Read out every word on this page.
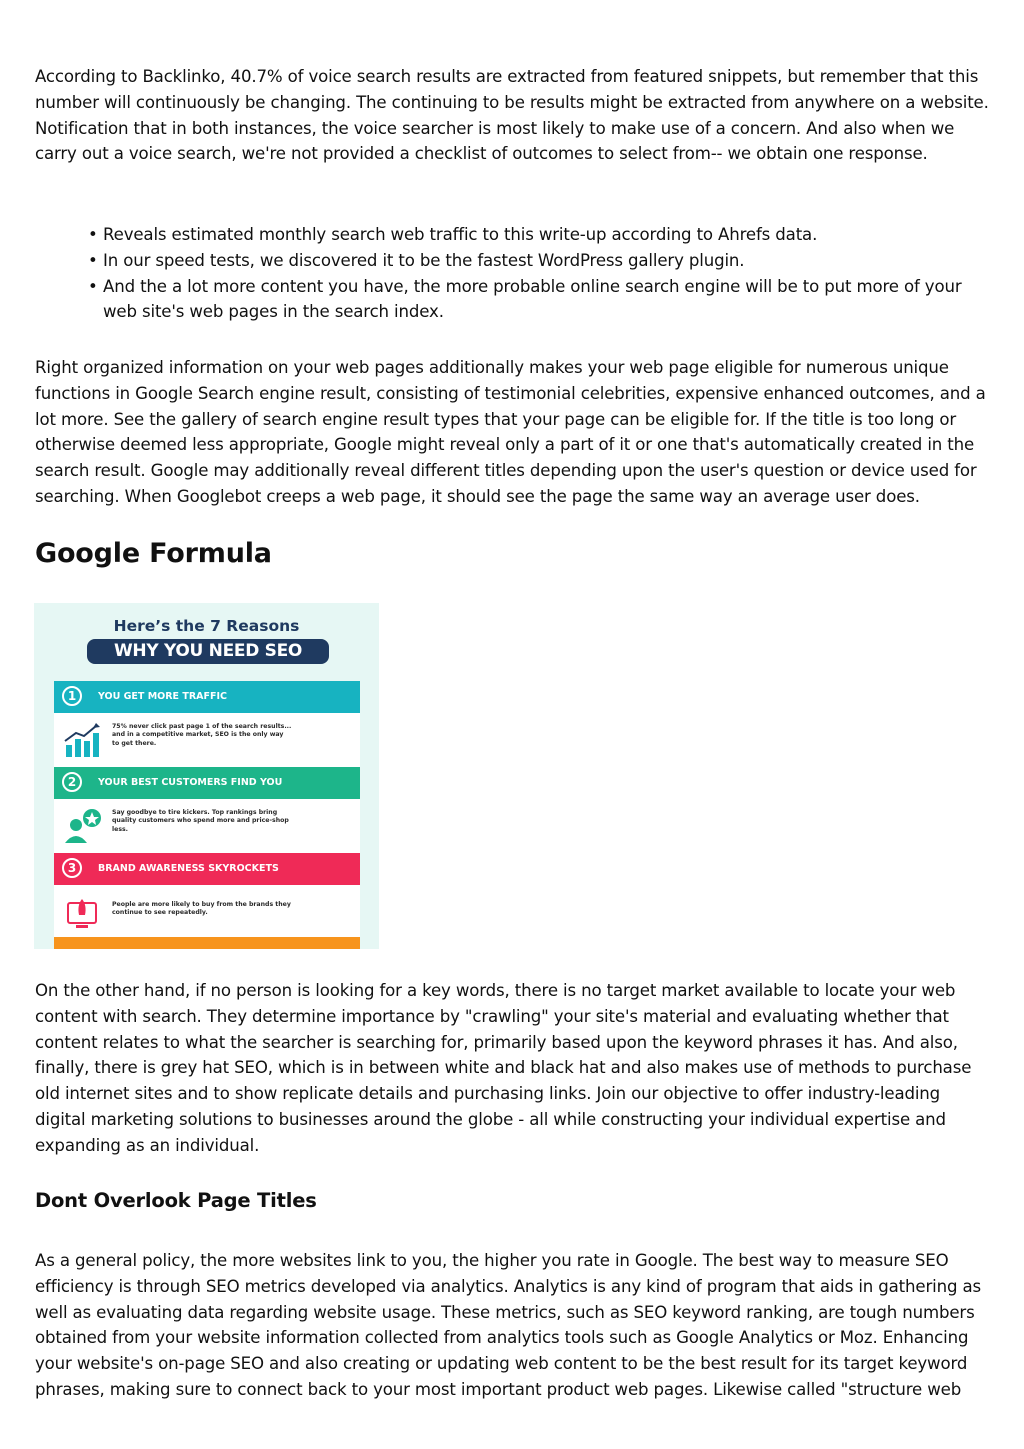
According to Backlinko, 40.7% of voice search results are extracted from featured snippets, but remember that this number will continuously be changing. The continuing to be results might be extracted from anywhere on a website. Notification that in both instances, the voice searcher is most likely to make use of a concern. And also when we carry out a voice search, we're not provided a checklist of outcomes to select from-- we obtain one response.

• Reveals estimated monthly search web traffic to this write-up according to Ahrefs data.
• In our speed tests, we discovered it to be the fastest WordPress gallery plugin.
• And the a lot more content you have, the more probable online search engine will be to put more of your web site's web pages in the search index.

Right organized information on your web pages additionally makes your web page eligible for numerous unique functions in Google Search engine result, consisting of testimonial celebrities, expensive enhanced outcomes, and a lot more. See the gallery of search engine result types that your page can be eligible for. If the title is too long or otherwise deemed less appropriate, Google might reveal only a part of it or one that's automatically created in the search result. Google may additionally reveal different titles depending upon the user's question or device used for searching. When Googlebot creeps a web page, it should see the page the same way an average user does.

Google Formula
Here’s the 7 Reasons
WHY YOU NEED SEO
1	YOU GET MORE TRAFFIC
75% never click past page 1 of the search results... and in a competitive market, SEO is the only way to get there.
2	YOUR BEST CUSTOMERS FIND YOU
Say goodbye to tire kickers. Top rankings bring quality customers who spend more and price-shop less.
3	BRAND AWARENESS SKYROCKETS
People are more likely to buy from the brands they continue to see repeatedly.

On the other hand, if no person is looking for a key words, there is no target market available to locate your web content with search. They determine importance by "crawling" your site's material and evaluating whether that content relates to what the searcher is searching for, primarily based upon the keyword phrases it has. And also, finally, there is grey hat SEO, which is in between white and black hat and also makes use of methods to purchase old internet sites and to show replicate details and purchasing links. Join our objective to offer industry-leading digital marketing solutions to businesses around the globe - all while constructing your individual expertise and expanding as an individual.

Dont Overlook Page Titles

As a general policy, the more websites link to you, the higher you rate in Google. The best way to measure SEO efficiency is through SEO metrics developed via analytics. Analytics is any kind of program that aids in gathering as well as evaluating data regarding website usage. These metrics, such as SEO keyword ranking, are tough numbers obtained from your website information collected from analytics tools such as Google Analytics or Moz. Enhancing your website's on-page SEO and also creating or updating web content to be the best result for its target keyword phrases, making sure to connect back to your most important product web pages. Likewise called "structure web
